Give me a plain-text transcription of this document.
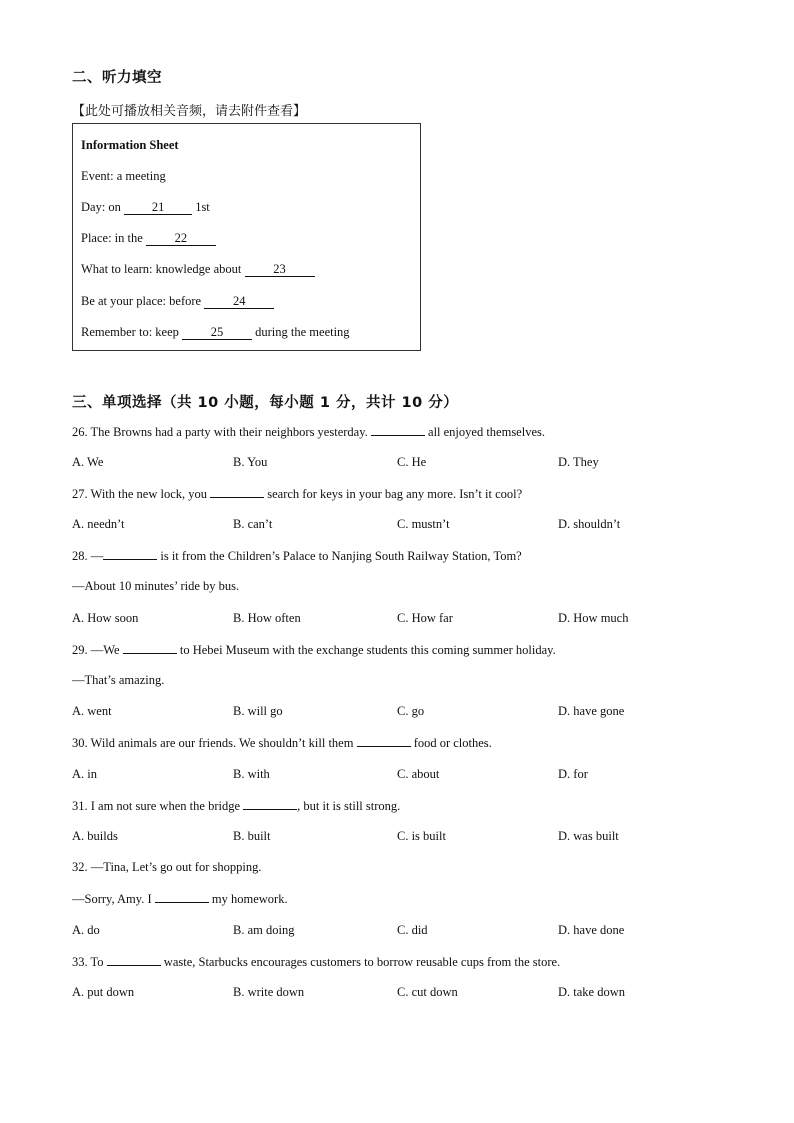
二、听力填空
【此处可播放相关音频，请去附件查看】
Information Sheet
Event: a meeting
Day: on 21 1st
Place: in the 22
What to learn: knowledge about 23
Be at your place: before 24
Remember to: keep 25 during the meeting
三、单项选择（共 10 小题，每小题 1 分，共计 10 分）
26. The Browns had a party with their neighbors yesterday.	all enjoyed themselves.
A. We	B. You	C. He	D. They
27. With the new lock, you	search for keys in your bag any more. Isn’t it cool?
A. needn’t	B. can’t	C. mustn’t	D. shouldn’t
28. —	is it from the Children’s Palace to Nanjing South Railway Station, Tom?
—About 10 minutes’ ride by bus.
A. How soon	B. How often	C. How far	D. How much
29. —We	to Hebei Museum with the exchange students this coming summer holiday.
—That’s amazing.
A. went	B. will go	C. go	D. have gone
30. Wild animals are our friends. We shouldn’t kill them	food or clothes.
A. in	B. with	C. about	D. for
31. I am not sure when the bridge	, but it is still strong.
A. builds	B. built	C. is built	D. was built
32. —Tina, Let’s go out for shopping.
—Sorry, Amy. I	my homework.
A. do	B. am doing	C. did	D. have done
33. To	waste, Starbucks encourages customers to borrow reusable cups from the store.
A. put down	B. write down	C. cut down	D. take down
